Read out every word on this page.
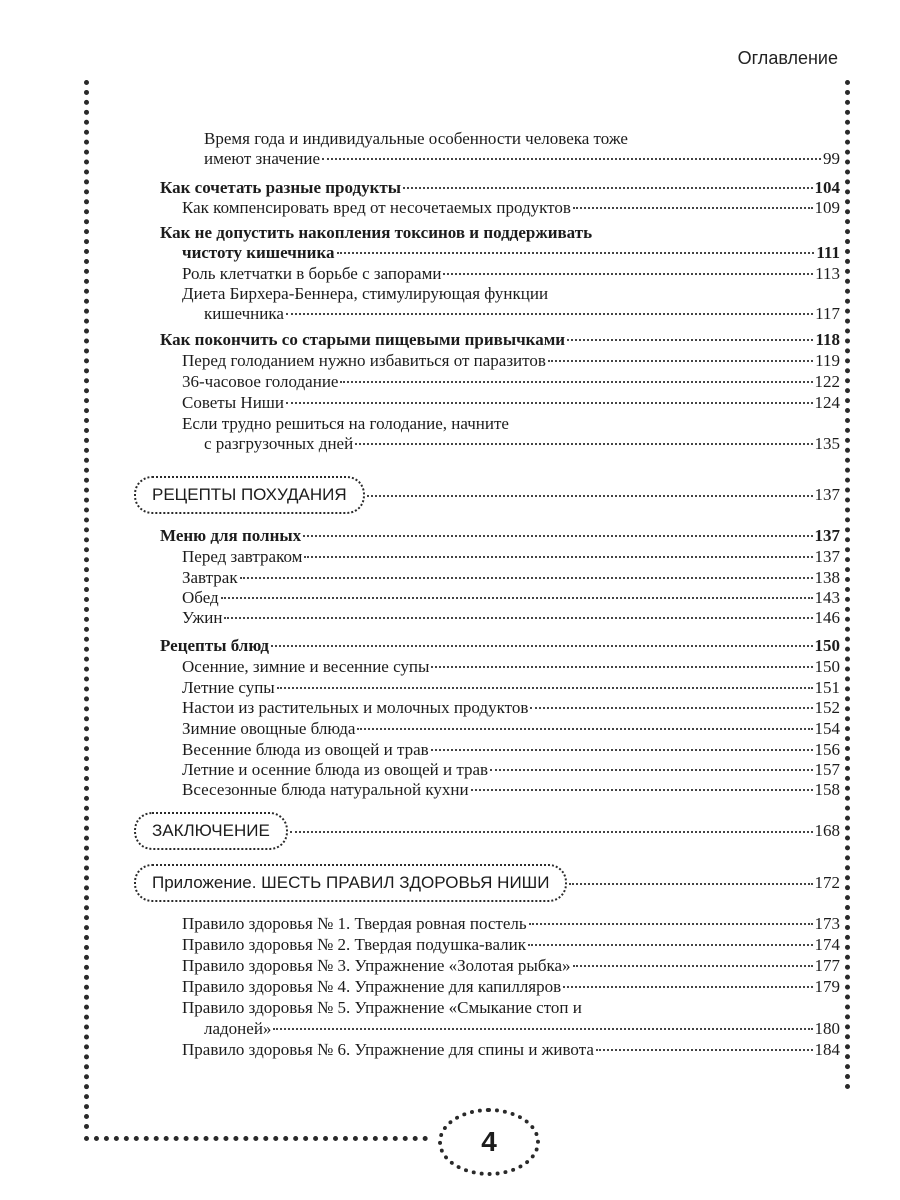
Оглавление
4
Время года и индивидуальные особенности человека тоже
имеют значение	99
Как сочетать разные продукты	104
Как компенсировать вред от несочетаемых продуктов	109
Как не допустить накопления токсинов и поддерживать
чистоту кишечника	111
Роль клетчатки в борьбе с запорами	113
Диета Бирхера-Беннера, стимулирующая функции
кишечника	117
Как покончить со старыми пищевыми привычками	118
Перед голоданием нужно избавиться от паразитов	119
36-часовое голодание	122
Советы Ниши	124
Если трудно решиться на голодание, начните
с разгрузочных дней	135
РЕЦЕПТЫ ПОХУДАНИЯ	137
Меню для полных	137
Перед завтраком	137
Завтрак	138
Обед	143
Ужин	146
Рецепты блюд	150
Осенние, зимние и весенние супы	150
Летние супы	151
Настои из растительных и молочных продуктов	152
Зимние овощные блюда	154
Весенние блюда из овощей и трав	156
Летние и осенние блюда из овощей и трав	157
Всесезонные блюда натуральной кухни	158
ЗАКЛЮЧЕНИЕ	168
Приложение. ШЕСТЬ ПРАВИЛ ЗДОРОВЬЯ НИШИ	172
Правило здоровья № 1. Твердая ровная постель	173
Правило здоровья № 2. Твердая подушка-валик	174
Правило здоровья № 3. Упражнение «Золотая рыбка»	177
Правило здоровья № 4. Упражнение для капилляров	179
Правило здоровья № 5. Упражнение «Смыкание стоп и
ладоней»	180
Правило здоровья № 6. Упражнение для спины и живота	184
